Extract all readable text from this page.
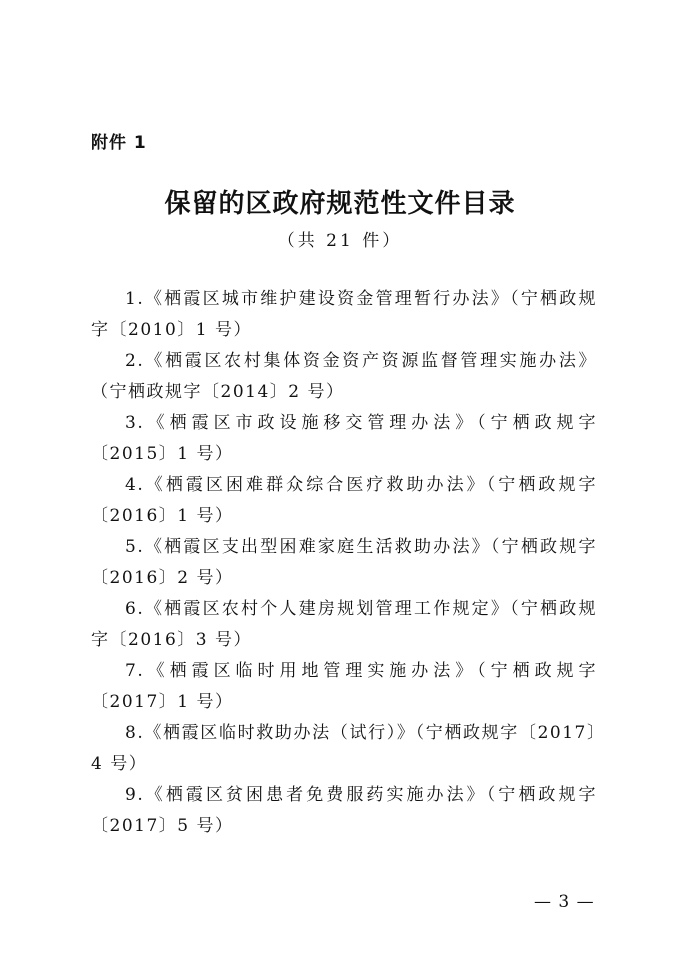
附件 1
保留的区政府规范性文件目录
（共 21 件）
1.《栖霞区城市维护建设资金管理暂行办法》（宁栖政规字〔2010〕1 号）
2.《栖霞区农村集体资金资产资源监督管理实施办法》（宁栖政规字〔2014〕2 号）
3.《栖霞区市政设施移交管理办法》（宁栖政规字〔2015〕1 号）
4.《栖霞区困难群众综合医疗救助办法》（宁栖政规字〔2016〕1 号）
5.《栖霞区支出型困难家庭生活救助办法》（宁栖政规字〔2016〕2 号）
6.《栖霞区农村个人建房规划管理工作规定》（宁栖政规字〔2016〕3 号）
7.《栖霞区临时用地管理实施办法》（宁栖政规字〔2017〕1 号）
8.《栖霞区临时救助办法（试行）》（宁栖政规字〔2017〕4 号）
9.《栖霞区贫困患者免费服药实施办法》（宁栖政规字〔2017〕5 号）
— 3 —
